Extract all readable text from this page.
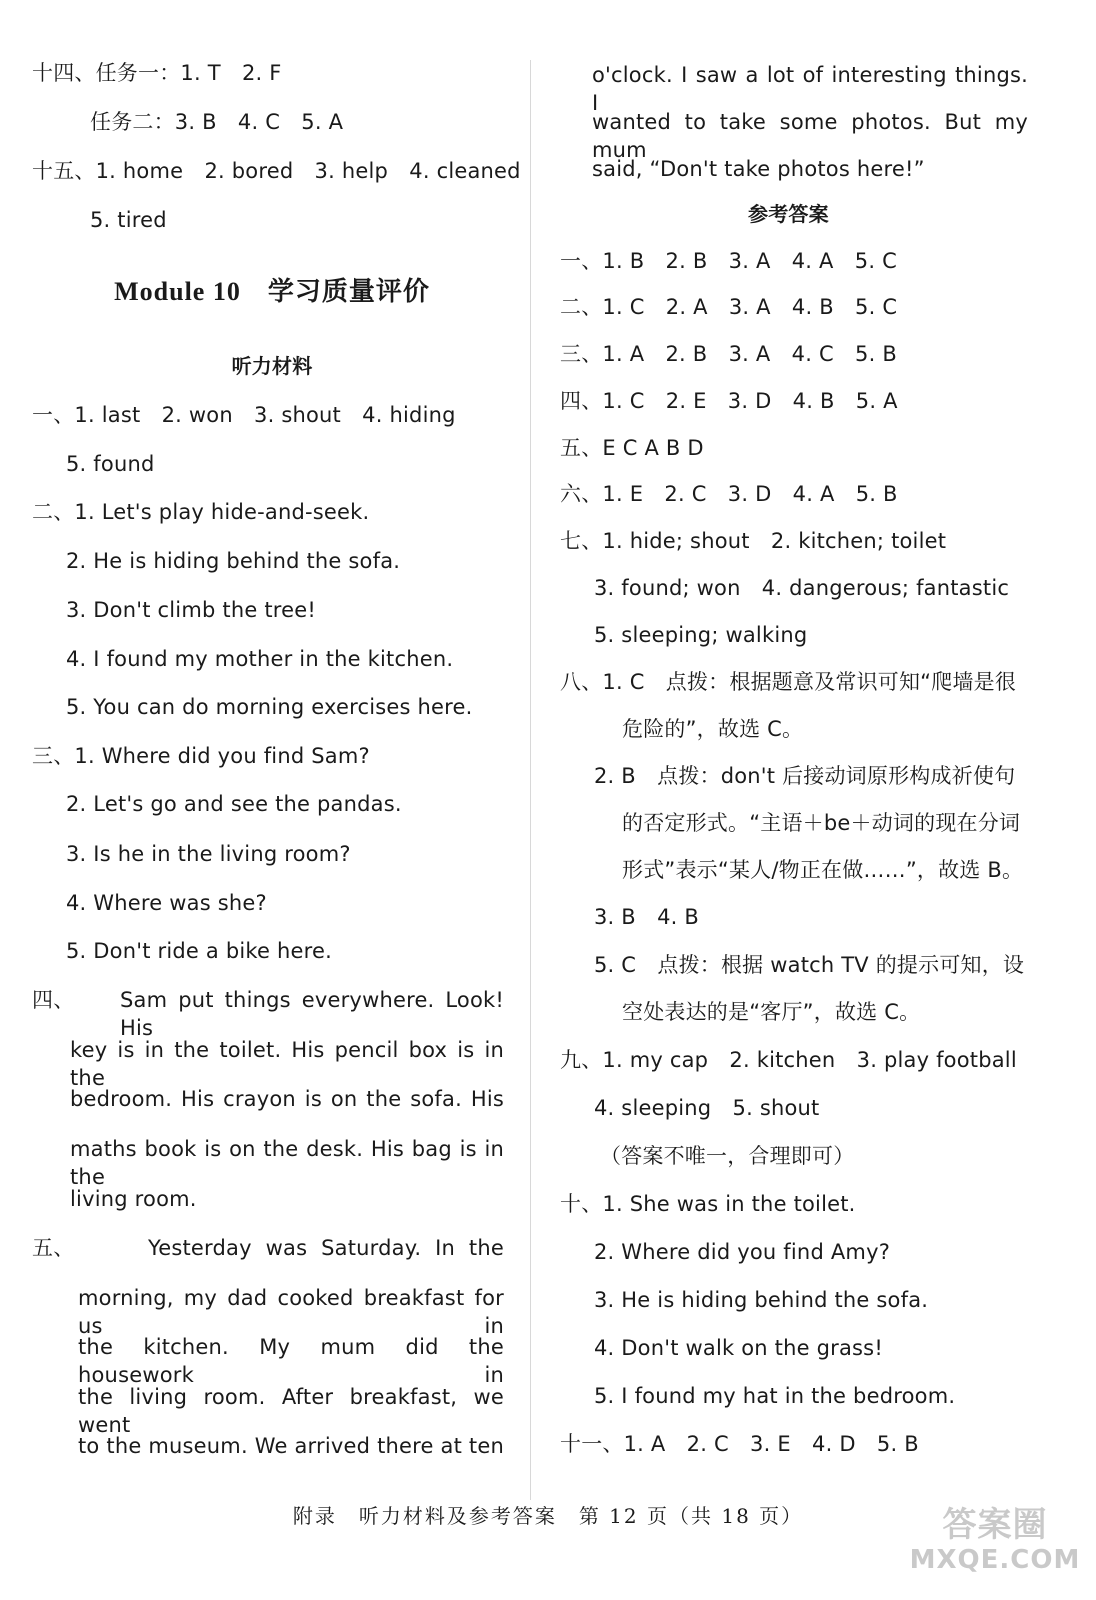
十四、任务一：1. T　2. F
任务二：3. B　4. C　5. A
十五、1. home　2. bored　3. help　4. cleaned
5. tired
Module 10　学习质量评价
听力材料
一、1. last　2. won　3. shout　4. hiding
5. found
二、1. Let's play hide-and-seek.
2. He is hiding behind the sofa.
3. Don't climb the tree!
4. I found my mother in the kitchen.
5. You can do morning exercises here.
三、1. Where did you find Sam?
2. Let's go and see the pandas.
3. Is he in the living room?
4. Where was she?
5. Don't ride a bike here.
四、 Sam put things everywhere. Look! His
key is in the toilet. His pencil box is in the
bedroom. His crayon is on the sofa. His
maths book is on the desk. His bag is in the
living room.
五、	Yesterday was Saturday. In the
morning, my dad cooked breakfast for us in
the kitchen. My mum did the housework in
the living room. After breakfast, we went
to the museum. We arrived there at ten
o'clock. I saw a lot of interesting things. I
wanted to take some photos. But my mum
said, “Don't take photos here!”
参考答案
一、1. B　2. B　3. A　4. A　5. C
二、1. C　2. A　3. A　4. B　5. C
三、1. A　2. B　3. A　4. C　5. B
四、1. C　2. E　3. D　4. B　5. A
五、E C A B D
六、1. E　2. C　3. D　4. A　5. B
七、1. hide; shout　2. kitchen; toilet
3. found; won　4. dangerous; fantastic
5. sleeping; walking
八、1. C　点拨：根据题意及常识可知“爬墙是很
危险的”，故选 C。
2. B　点拨：don't 后接动词原形构成祈使句
的否定形式。“主语＋be＋动词的现在分词
形式”表示“某人/物正在做……”，故选 B。
3. B　4. B
5. C　点拨：根据 watch TV 的提示可知，设
空处表达的是“客厅”，故选 C。
九、1. my cap　2. kitchen　3. play football
4. sleeping　5. shout
（答案不唯一，合理即可）
十、1. She was in the toilet.
2. Where did you find Amy?
3. He is hiding behind the sofa.
4. Don't walk on the grass!
5. I found my hat in the bedroom.
十一、1. A　2. C　3. E　4. D　5. B
附录　听力材料及参考答案　第 12 页（共 18 页）	答案圈
MXQE.COM
